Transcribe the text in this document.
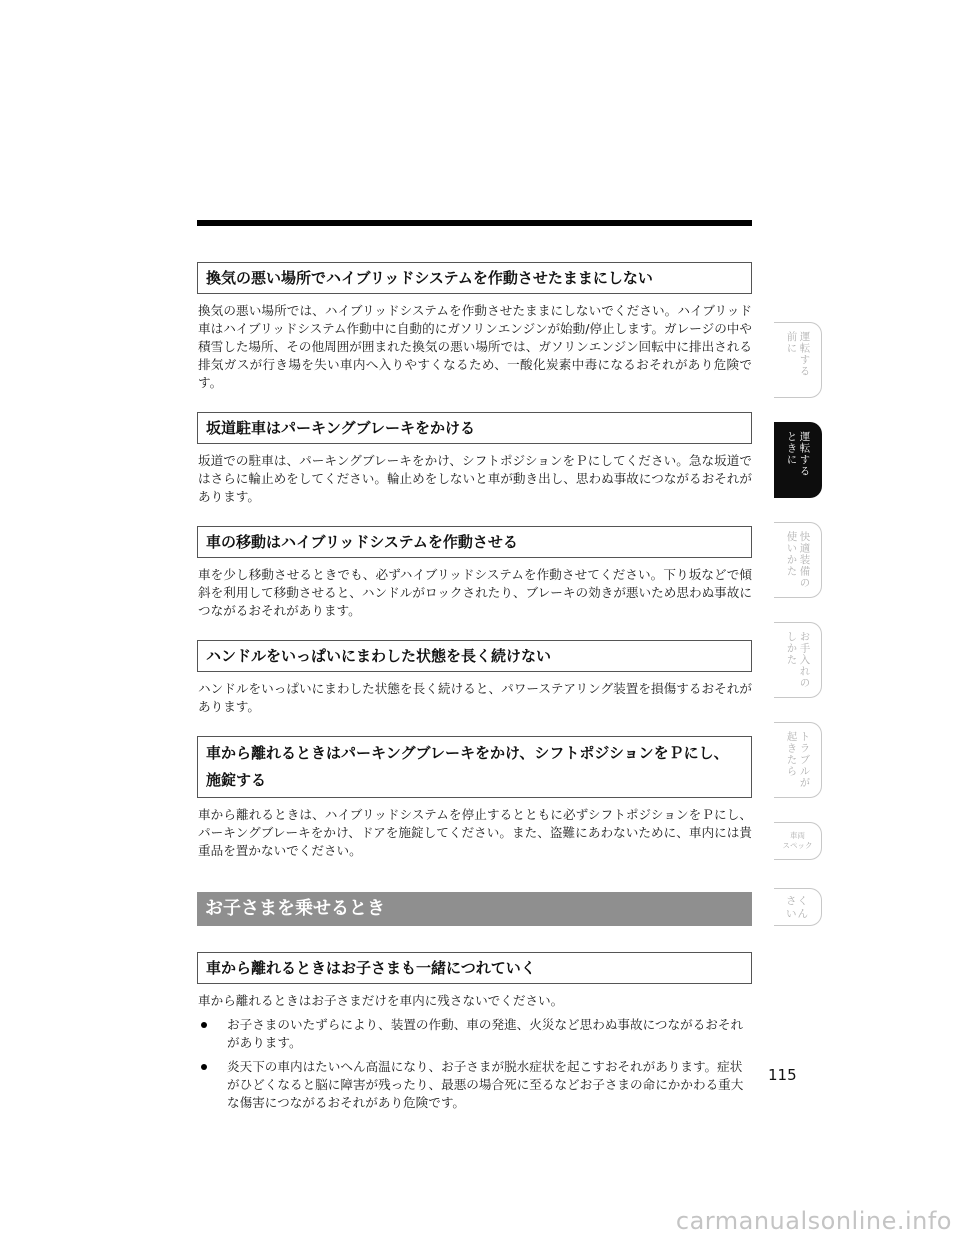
換気の悪い場所でハイブリッドシステムを作動させたままにしない

換気の悪い場所では、ハイブリッドシステムを作動させたままにしないでください。ハイブリッド車はハイブリッドシステム作動中に自動的にガソリンエンジンが始動/停止します。ガレージの中や積雪した場所、その他周囲が囲まれた換気の悪い場所では、ガソリンエンジン回転中に排出される排気ガスが行き場を失い車内へ入りやすくなるため、一酸化炭素中毒になるおそれがあり危険です。

坂道駐車はパーキングブレーキをかける

坂道での駐車は、パーキングブレーキをかけ、シフトポジションをＰにしてください。急な坂道ではさらに輪止めをしてください。輪止めをしないと車が動き出し、思わぬ事故につながるおそれがあります。

車の移動はハイブリッドシステムを作動させる

車を少し移動させるときでも、必ずハイブリッドシステムを作動させてください。下り坂などで傾斜を利用して移動させると、ハンドルがロックされたり、ブレーキの効きが悪いため思わぬ事故につながるおそれがあります。

ハンドルをいっぱいにまわした状態を長く続けない

ハンドルをいっぱいにまわした状態を長く続けると、パワーステアリング装置を損傷するおそれがあります。

車から離れるときはパーキングブレーキをかけ、シフトポジションをＰにし、施錠する

車から離れるときは、ハイブリッドシステムを停止するとともに必ずシフトポジションをＰにし、パーキングブレーキをかけ、ドアを施錠してください。また、盗難にあわないために、車内には貴重品を置かないでください。

お子さまを乗せるとき
車から離れるときはお子さまも一緒につれていく

車から離れるときはお子さまだけを車内に残さないでください。

お子さまのいたずらにより、装置の作動、車の発進、火災など思わぬ事故につながるおそれがあります。
炎天下の車内はたいへん高温になり、お子さまが脱水症状を起こすおそれがあります。症状がひどくなると脳に障害が残ったり、最悪の場合死に至るなどお子さまの命にかかわる重大な傷害につながるおそれがあり危険です。
運転する
前に
運転する
ときに
快適装備の
使いかた
お手入れの
しかた
トラブルが
起きたら
車両
スペック
さく
いん
115
carmanualsonline.info
